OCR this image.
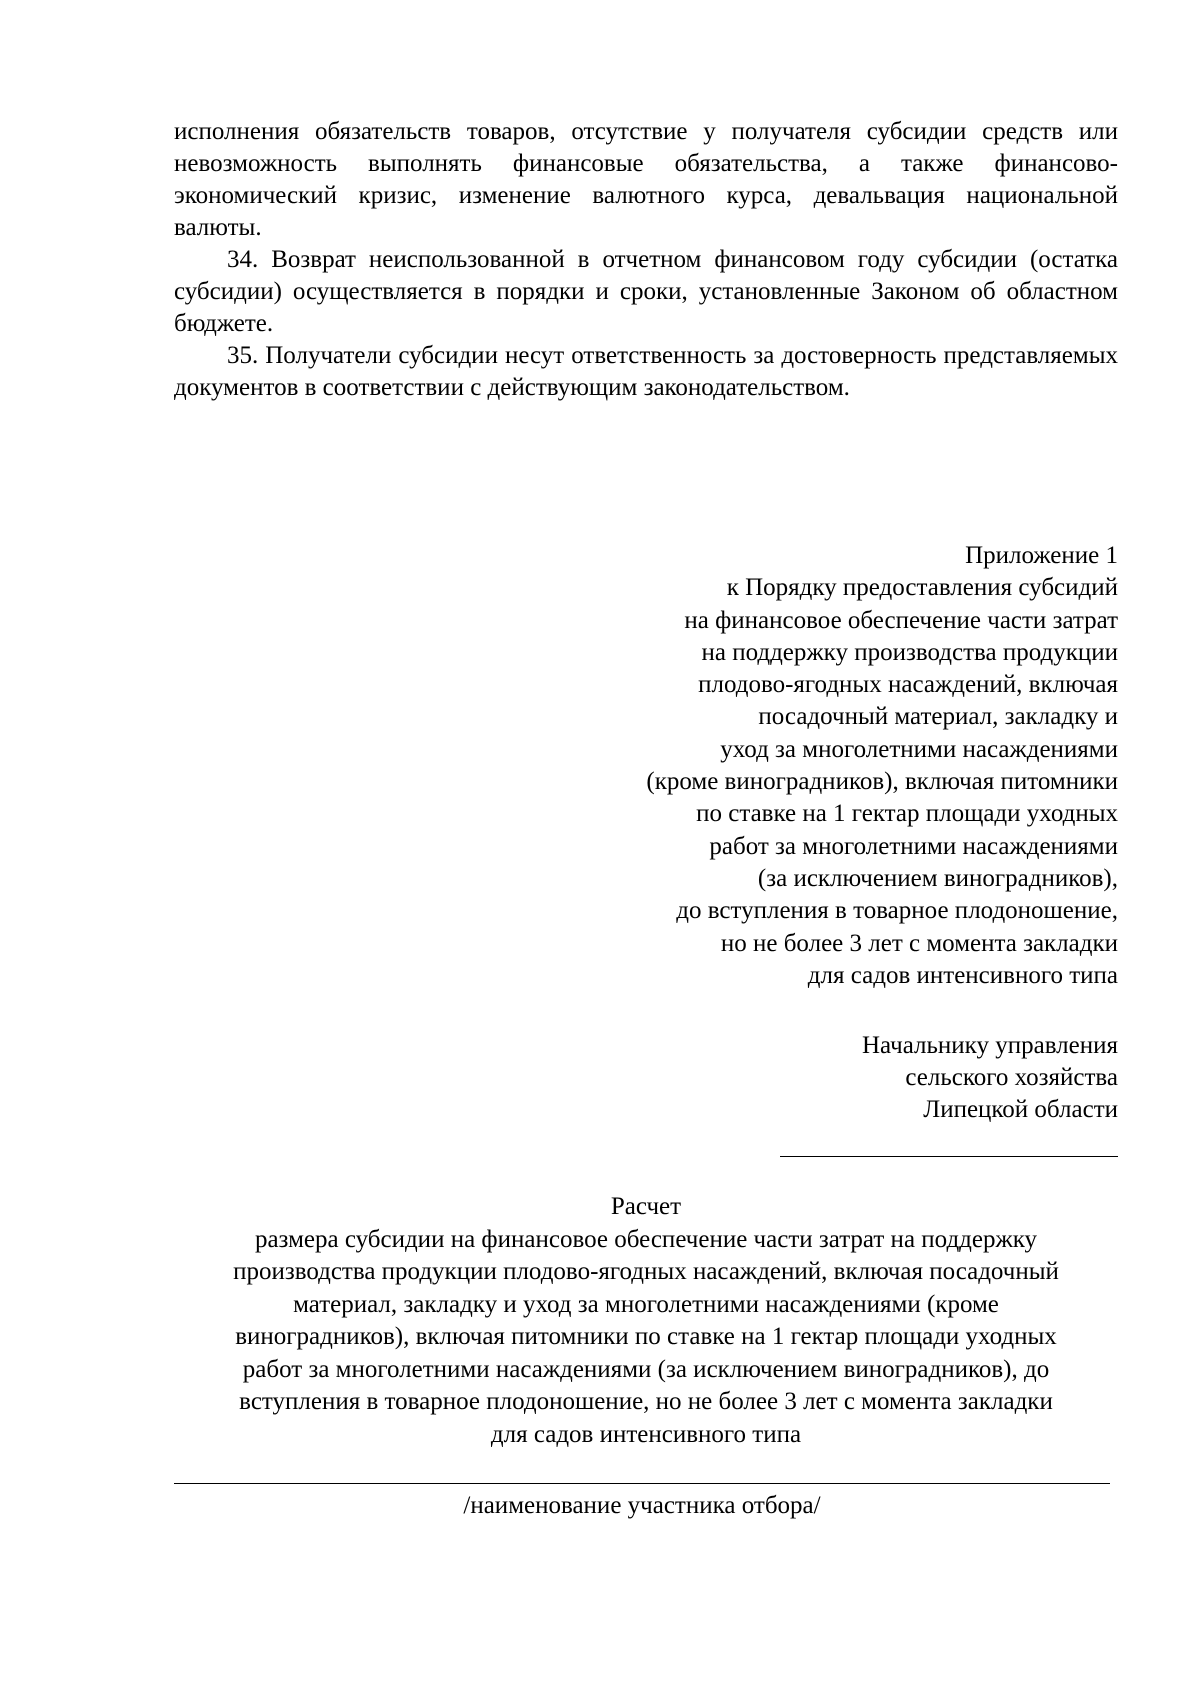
исполнения обязательств товаров, отсутствие у получателя субсидии средств или невозможность выполнять финансовые обязательства, а также финансово-экономический кризис, изменение валютного курса, девальвация национальной валюты.

34. Возврат неиспользованной в отчетном финансовом году субсидии (остатка субсидии) осуществляется в порядки и сроки, установленные Законом об областном бюджете.

35. Получатели субсидии несут ответственность за достоверность представляемых документов в соответствии с действующим законодательством.

Приложение 1
к Порядку предоставления субсидий
на финансовое обеспечение части затрат
на поддержку производства продукции
плодово-ягодных насаждений, включая
посадочный материал, закладку и
уход за многолетними насаждениями
(кроме виноградников), включая питомники
по ставке на 1 гектар площади уходных
работ за многолетними насаждениями
(за исключением виноградников),
до вступления в товарное плодоношение,
но не более 3 лет с момента закладки
для садов интенсивного типа
Начальнику управления
сельского хозяйства
Липецкой области
Расчет
размера субсидии на финансовое обеспечение части затрат на поддержку
производства продукции плодово-ягодных насаждений, включая посадочный
материал, закладку и уход за многолетними насаждениями (кроме
виноградников), включая питомники по ставке на 1 гектар площади уходных
работ за многолетними насаждениями (за исключением виноградников), до
вступления в товарное плодоношение, но не более 3 лет с момента закладки
для садов интенсивного типа
/наименование участника отбора/
